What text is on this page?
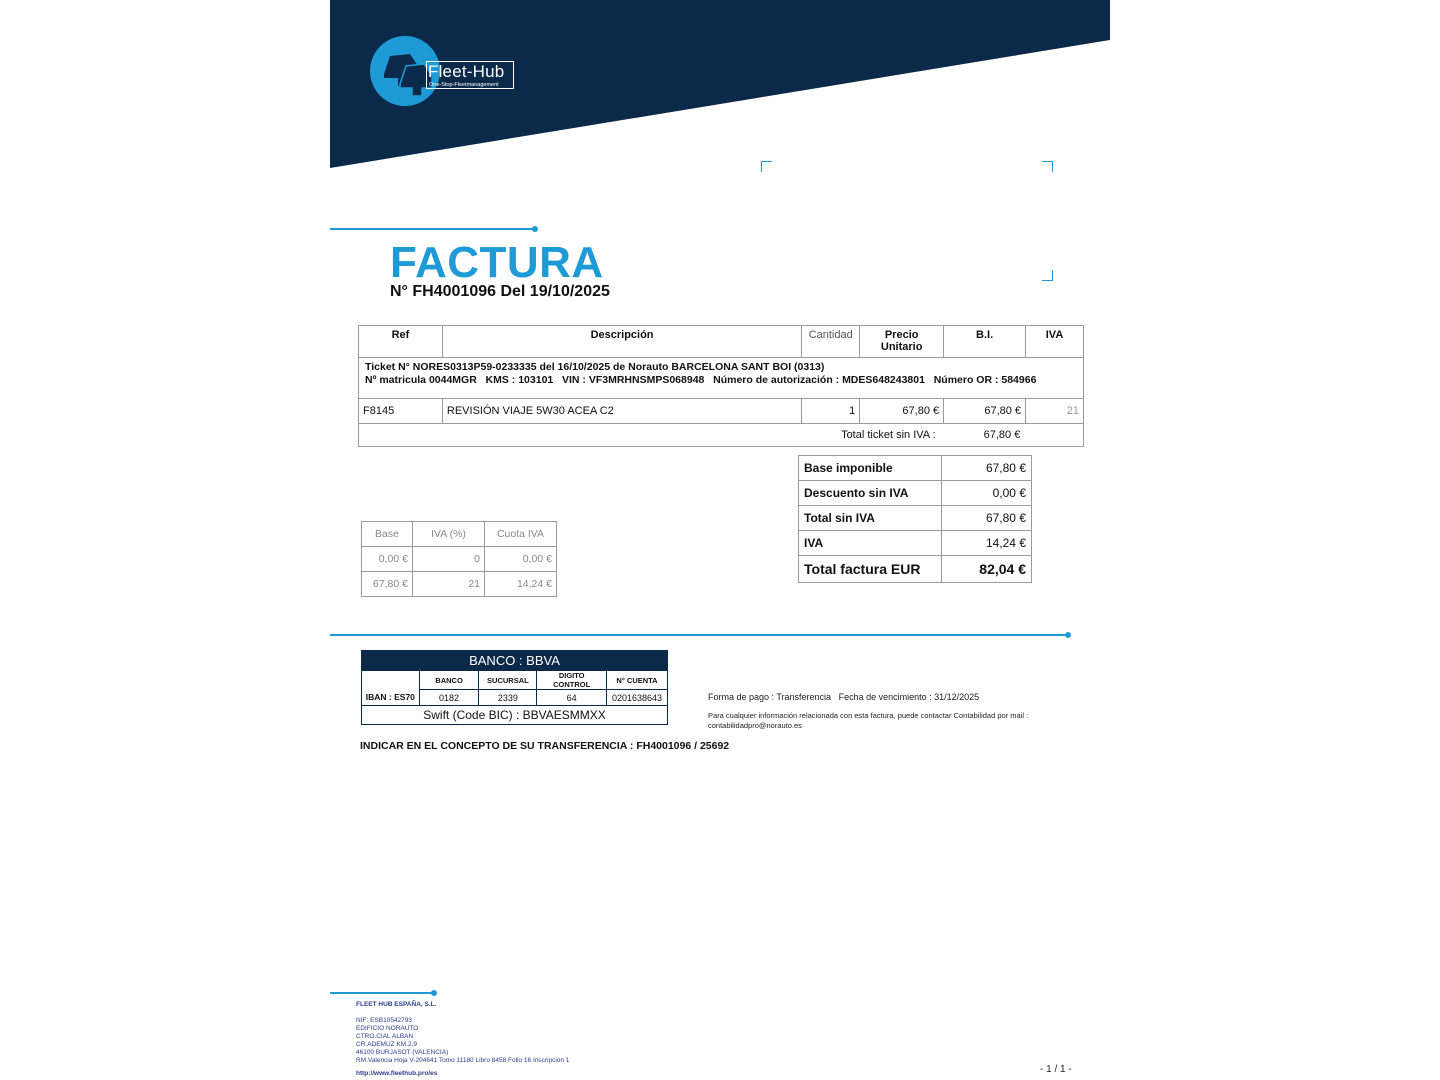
Fleet-Hub
One-Stop-Fleetmanagement
FACTURA
N° FH4001096 Del 19/10/2025
Ref	Descripción	Cantidad	Precio Unitario	B.I.	IVA

Ticket N° NORES0313P59-0233335 del 16/10/2025 de Norauto BARCELONA SANT BOI (0313)
Nº matricula 0044MGR   KMS : 103101   VIN : VF3MRHNSMPS068948   Número de autorización : MDES648243801   Número OR : 584966					

F8145	REVISIÓN VIAJE 5W30 ACEA C2	1	67,80 €	67,80 €	21
Total ticket sin IVA :				67,80 €	
Base imponible	67,80 €
Descuento sin IVA	0,00 €
Total sin IVA	67,80 €
IVA	14,24 €
Total factura EUR	82,04 €
Base	IVA (%)	Cuota IVA
0,00 €	0	0,00 €
67,80 €	21	14,24 €
BANCO : BBVA				
	BANCO	SUCURSAL	DIGITO CONTROL	N° CUENTA
IBAN : ES70	0182	2339	64	0201638643
Swift (Code BIC) : BBVAESMMXX				
Forma de pago : Transferencia   Fecha de vencimiento : 31/12/2025
Para cualquier información relacionada con esta factura, puede contactar Contabilidad por mail : contabilidadpro@norauto.es
INDICAR EN EL CONCEPTO DE SU TRANSFERENCIA : FH4001096 / 25692
FLEET HUB ESPAÑA, S.L.
NIF: ESB10542793
EDIFICIO NORAUTO
CTRO.CIAL ALBAN
CR.ADEMUZ KM.2,9
46100 BURJASOT (VALENCIA)
RM.Valencia Hoja V-204641 Tomo 11180 Libro 8458 Folio 16 Inscripción 1
http://www.fleethub.pro/es	- 1 / 1 -
